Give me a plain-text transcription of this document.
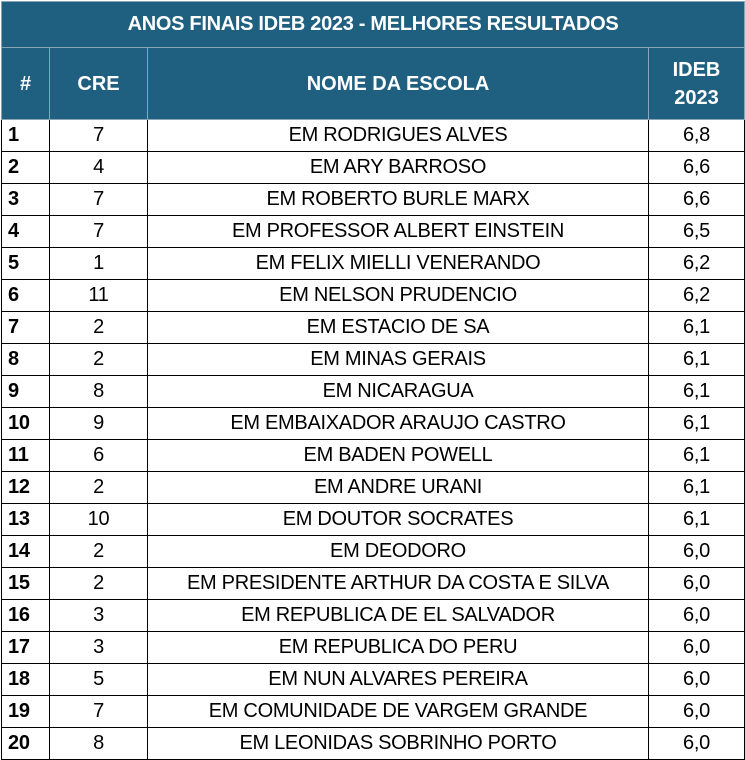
ANOS FINAIS IDEB 2023 - MELHORES RESULTADOS			
#	CRE	NOME DA ESCOLA	IDEB
2023

1	7	EM RODRIGUES ALVES	6,8
2	4	EM ARY BARROSO	6,6
3	7	EM ROBERTO BURLE MARX	6,6
4	7	EM PROFESSOR ALBERT EINSTEIN	6,5
5	1	EM FELIX MIELLI VENERANDO	6,2
6	11	EM NELSON PRUDENCIO	6,2
7	2	EM ESTACIO DE SA	6,1
8	2	EM MINAS GERAIS	6,1
9	8	EM NICARAGUA	6,1
10	9	EM EMBAIXADOR ARAUJO CASTRO	6,1
11	6	EM BADEN POWELL	6,1
12	2	EM ANDRE URANI	6,1
13	10	EM DOUTOR SOCRATES	6,1
14	2	EM DEODORO	6,0
15	2	EM PRESIDENTE ARTHUR DA COSTA E SILVA	6,0
16	3	EM REPUBLICA DE EL SALVADOR	6,0
17	3	EM REPUBLICA DO PERU	6,0
18	5	EM NUN ALVARES PEREIRA	6,0
19	7	EM COMUNIDADE DE VARGEM GRANDE	6,0
20	8	EM LEONIDAS SOBRINHO PORTO	6,0
